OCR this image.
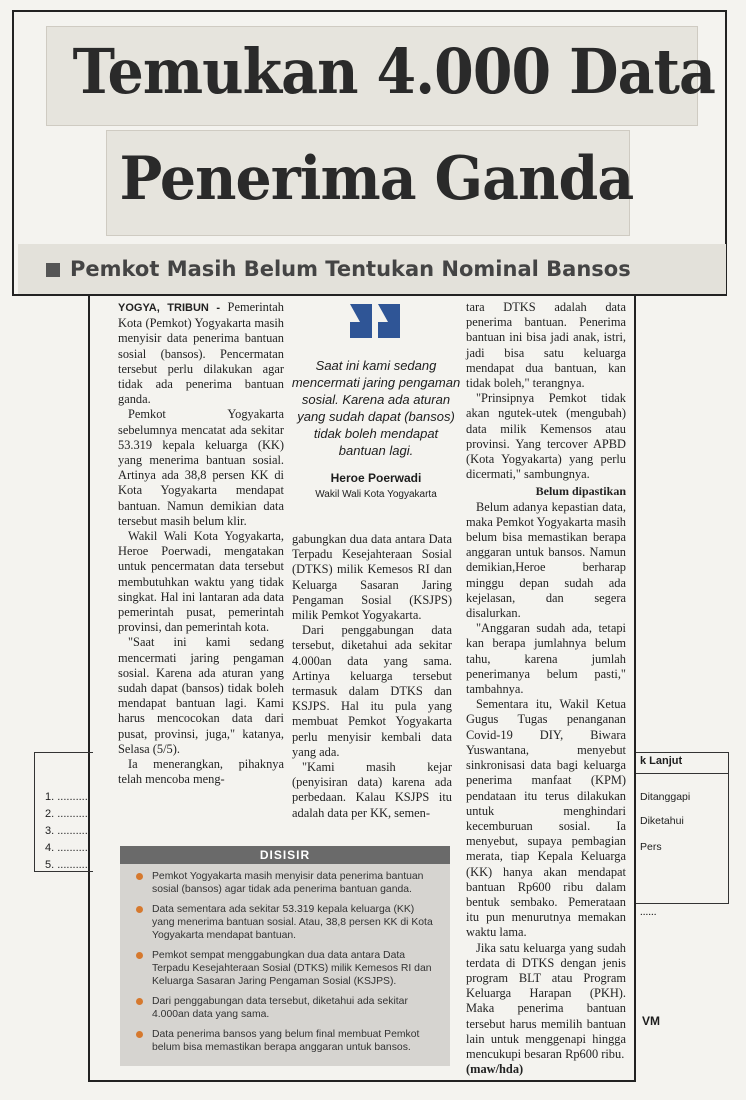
Temukan 4.000 Data
Penerima Ganda
Pemkot Masih Belum Tentukan Nominal Bansos

YOGYA, TRIBUN - Pemerintah Kota (Pemkot) Yogyakarta masih menyisir data penerima bantuan sosial (bansos). Pencermatan tersebut perlu dilakukan agar tidak ada penerima bantuan ganda.

Pemkot Yogyakarta sebelumnya mencatat ada sekitar 53.319 kepala keluarga (KK) yang menerima bantuan sosial. Artinya ada 38,8 persen KK di Kota Yogyakarta mendapat bantuan. Namun demikian data tersebut masih belum klir.

Wakil Wali Kota Yogyakarta, Heroe Poerwadi, mengatakan untuk pencermatan data tersebut membutuhkan waktu yang tidak singkat. Hal ini lantaran ada data pemerintah pusat, pemerintah provinsi, dan pemerintah kota.

"Saat ini kami sedang mencermati jaring pengaman sosial. Karena ada aturan yang sudah dapat (bansos) tidak boleh mendapat bantuan lagi. Kami harus mencocokan data dari pusat, provinsi, juga," katanya, Selasa (5/5).

Ia menerangkan, pihaknya telah mencoba meng-

Saat ini kami sedang mencermati jaring pengaman sosial. Karena ada aturan yang sudah dapat (bansos) tidak boleh mendapat bantuan lagi.
Heroe Poerwadi
Wakil Wali Kota Yogyakarta

gabungkan dua data antara Data Terpadu Kesejahteraan Sosial (DTKS) milik Kemesos RI dan Keluarga Sasaran Jaring Pengaman Sosial (KSJPS) milik Pemkot Yogyakarta.

Dari penggabungan data tersebut, diketahui ada sekitar 4.000an data yang sama. Artinya keluarga tersebut termasuk dalam DTKS dan KSJPS. Hal itu pula yang membuat Pemkot Yogyakarta perlu menyisir kembali data yang ada.

"Kami masih kejar (penyisiran data) karena ada perbedaan. Kalau KSJPS itu adalah data per KK, semen-

tara DTKS adalah data penerima bantuan. Penerima bantuan ini bisa jadi anak, istri, jadi bisa satu keluarga mendapat dua bantuan, kan tidak boleh," terangnya.

"Prinsipnya Pemkot tidak akan ngutek-utek (mengubah) data milik Kemensos atau provinsi. Yang tercover APBD (Kota Yogyakarta) yang perlu dicermati," sambungnya.

Belum dipastikan

Belum adanya kepastian data, maka Pemkot Yogyakarta masih belum bisa memastikan berapa anggaran untuk bansos. Namun demikian,Heroe berharap minggu depan sudah ada kejelasan, dan segera disalurkan.

"Anggaran sudah ada, tetapi kan berapa jumlahnya belum tahu, karena jumlah penerimanya belum pasti," tambahnya.

Sementara itu, Wakil Ketua Gugus Tugas penanganan Covid-19 DIY, Biwara Yuswantana, menyebut sinkronisasi data bagi keluarga penerima manfaat (KPM) pendataan itu terus dilakukan untuk menghindari kecemburuan sosial. Ia menyebut, supaya pembagian merata, tiap Kepala Keluarga (KK) hanya akan mendapat bantuan Rp600 ribu dalam bentuk sembako. Pemerataan itu pun menurutnya memakan waktu lama.

Jika satu keluarga yang sudah terdata di DTKS dengan jenis program BLT atau Program Keluarga Harapan (PKH). Maka penerima bantuan tersebut harus memilih bantuan lain untuk menggenapi hingga mencukupi besaran Rp600 ribu.

(maw/hda)

DISISIR
Pemkot Yogyakarta masih menyisir data penerima bantuan sosial (bansos) agar tidak ada penerima bantuan ganda.
Data sementara ada sekitar 53.319 kepala keluarga (KK) yang menerima bantuan sosial. Atau, 38,8 persen KK di Kota Yogyakarta mendapat bantuan.
Pemkot sempat menggabungkan dua data antara Data Terpadu Kesejahteraan Sosial (DTKS) milik Kemesos RI dan Keluarga Sasaran Jaring Pengaman Sosial (KSJPS).
Dari penggabungan data tersebut, diketahui ada sekitar 4.000an data yang sama.
Data penerima bansos yang belum final membuat Pemkot belum bisa memastikan berapa anggaran untuk bansos.
1. ..........
2. ..........
3. ..........
4. ..........
5. ..........
k Lanjut
Ditanggapi
Diketahui
Pers
......
VM
